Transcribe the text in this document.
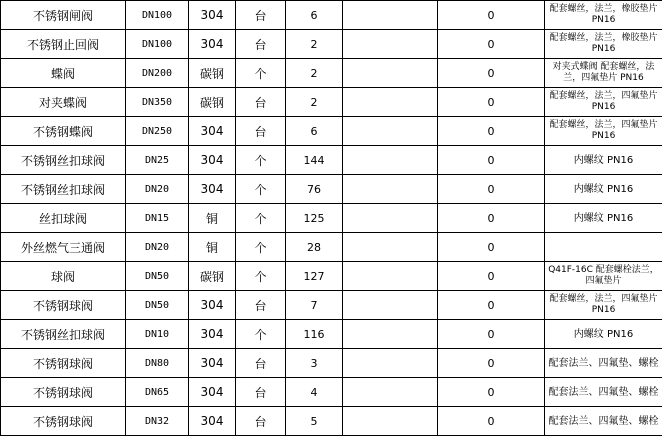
不锈钢闸阀	DN100	304	台	6		0	配套螺丝，法兰，橡胶垫片 PN16
不锈钢止回阀	DN100	304	台	2		0	配套螺丝，法兰，橡胶垫片 PN16
蝶阀	DN200	碳钢	个	2		0	对夹式蝶阀 配套螺丝，法兰，四氟垫片 PN16
对夹蝶阀	DN350	碳钢	台	2		0	配套螺丝，法兰，四氟垫片 PN16
不锈钢蝶阀	DN250	304	台	6		0	配套螺丝，法兰，四氟垫片 PN16
不锈钢丝扣球阀	DN25	304	个	144		0	内螺纹 PN16
不锈钢丝扣球阀	DN20	304	个	76		0	内螺纹 PN16
丝扣球阀	DN15	铜	个	125		0	内螺纹 PN16
外丝燃气三通阀	DN20	铜	个	28		0	
球阀	DN50	碳钢	个	127		0	Q41F-16C 配套螺栓法兰，四氟垫片
不锈钢球阀	DN50	304	台	7		0	配套螺丝，法兰，四氟垫片 PN16
不锈钢丝扣球阀	DN10	304	个	116		0	内螺纹 PN16
不锈钢球阀	DN80	304	台	3		0	配套法兰、四氟垫、螺栓
不锈钢球阀	DN65	304	台	4		0	配套法兰、四氟垫、螺栓
不锈钢球阀	DN32	304	台	5		0	配套法兰、四氟垫、螺栓
